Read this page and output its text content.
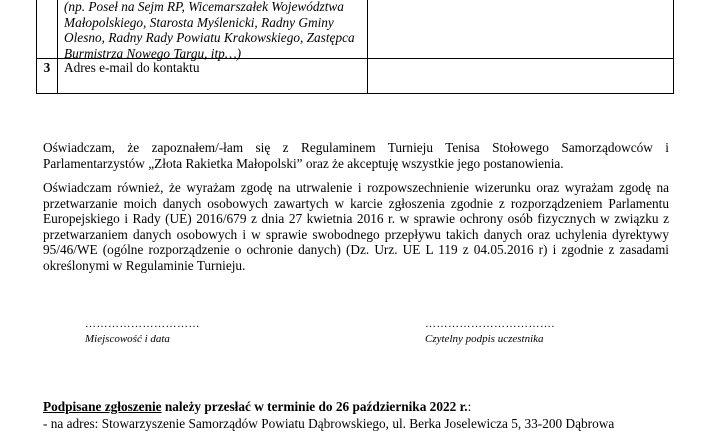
(np. Poseł na Sejm RP, Wicemarszałek Województwa
Małopolskiego, Starosta Myślenicki, Radny Gminy
Olesno, Radny Rady Powiatu Krakowskiego, Zastępca
Burmistrza Nowego Targu, itp…)
3	Adres e-mail do kontaktu

Oświadczam, że zapoznałem/-łam się z Regulaminem Turnieju Tenisa Stołowego Samorządowców i Parlamentarzystów „Złota Rakietka Małopolski” oraz że akceptuję wszystkie jego postanowienia.

Oświadczam również, że wyrażam zgodę na utrwalenie i rozpowszechnienie wizerunku oraz wyrażam zgodę na przetwarzanie moich danych osobowych zawartych w karcie zgłoszenia zgodnie z rozporządzeniem Parlamentu Europejskiego i Rady (UE) 2016/679 z dnia 27 kwietnia 2016 r. w sprawie ochrony osób fizycznych w związku z przetwarzaniem danych osobowych i w sprawie swobodnego przepływu takich danych oraz uchylenia dyrektywy 95/46/WE (ogólne rozporządzenie o ochronie danych) (Dz. Urz. UE L 119 z 04.05.2016 r) i zgodnie z zasadami określonymi w Regulaminie Turnieju.

…………………………
Miejscowość i data
…………………………….
Czytelny podpis uczestnika
Podpisane zgłoszenie należy przesłać w terminie do 26 października 2022 r.:
- na adres: Stowarzyszenie Samorządów Powiatu Dąbrowskiego, ul. Berka Joselewicza 5, 33-200 Dąbrowa
